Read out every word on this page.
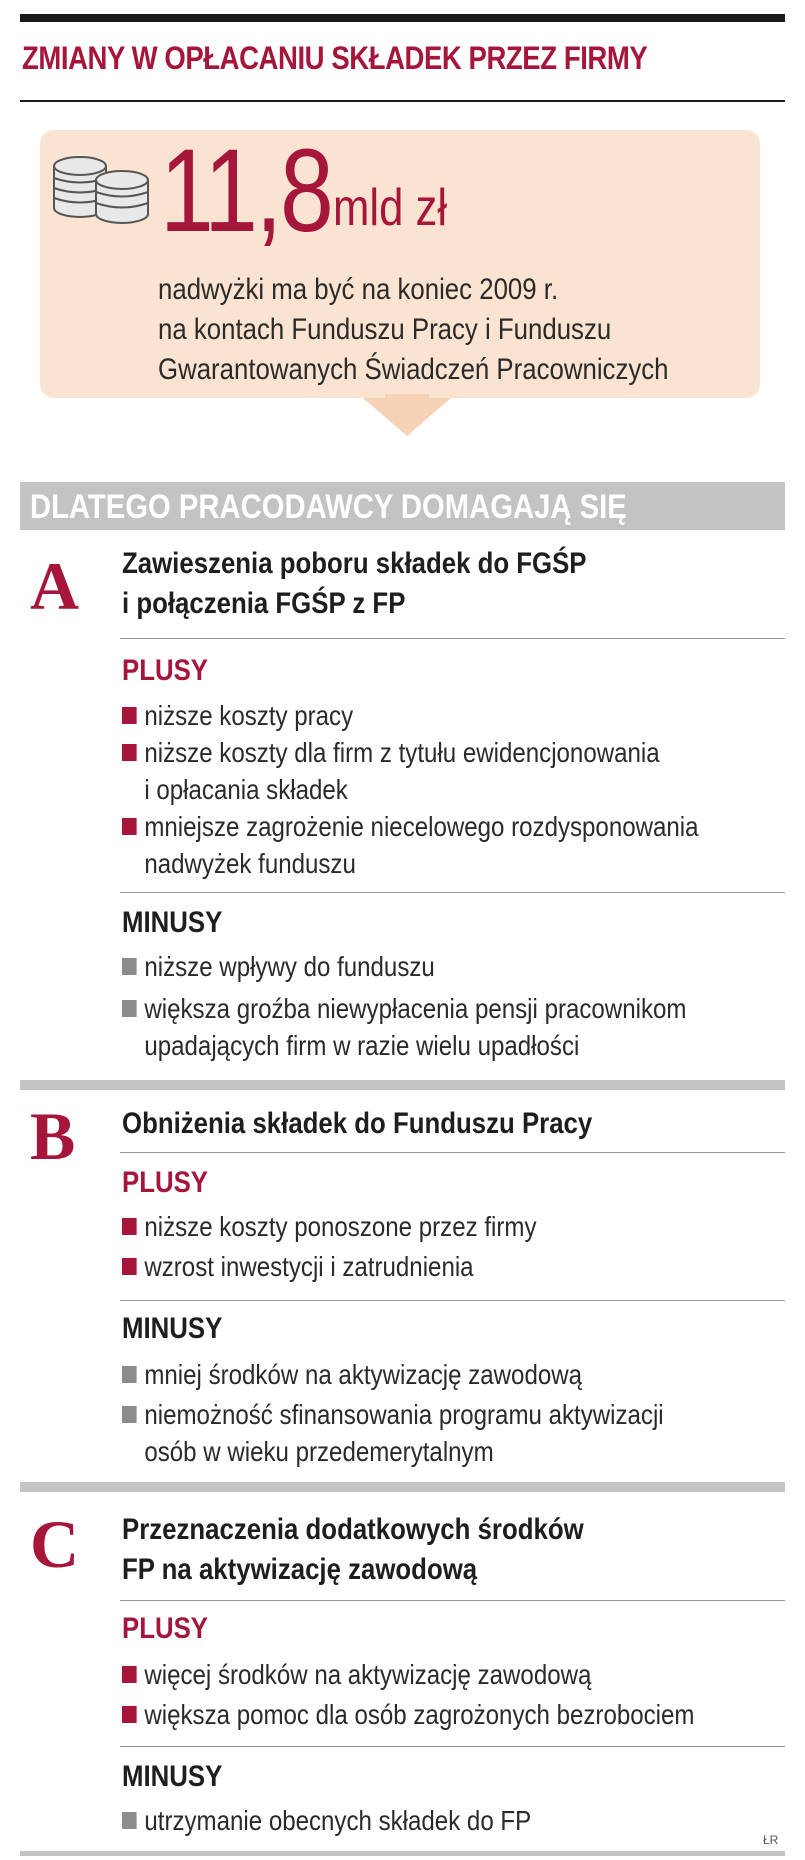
ZMIANY W OPŁACANIU SKŁADEK PRZEZ FIRMY
11,8 mld zł
nadwyżki ma być na koniec 2009 r.
na kontach Funduszu Pracy i Funduszu
Gwarantowanych Świadczeń Pracowniczych
DLATEGO PRACODAWCY DOMAGAJĄ SIĘ
A Zawieszenia poboru składek do FGŚP
i połączenia FGŚP z FP
PLUSY
niższe koszty pracy
niższe koszty dla firm z tytułu ewidencjonowania
i opłacania składek
mniejsze zagrożenie niecelowego rozdysponowania
nadwyżek funduszu
MINUSY
niższe wpływy do funduszu
większa groźba niewypłacenia pensji pracownikom
upadających firm w razie wielu upadłości
B Obniżenia składek do Funduszu Pracy
PLUSY
niższe koszty ponoszone przez firmy
wzrost inwestycji i zatrudnienia
MINUSY
mniej środków na aktywizację zawodową
niemożność sfinansowania programu aktywizacji
osób w wieku przedemerytalnym
C Przeznaczenia dodatkowych środków
FP na aktywizację zawodową
PLUSY
więcej środków na aktywizację zawodową
większa pomoc dla osób zagrożonych bezrobociem
MINUSY
utrzymanie obecnych składek do FP
ŁR
